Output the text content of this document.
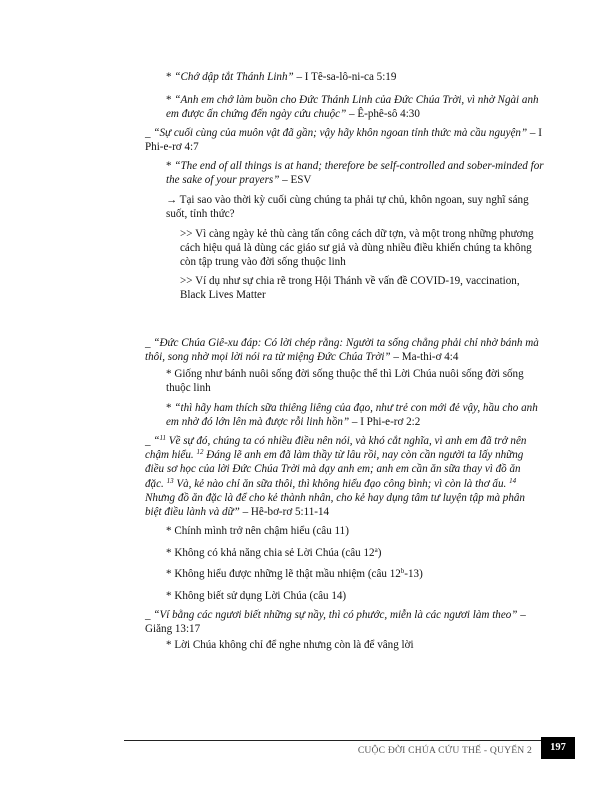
* “Chớ dập tắt Thánh Linh” – I Tê-sa-lô-ni-ca 5:19
* “Anh em chớ làm buồn cho Đức Thánh Linh của Đức Chúa Trời, vì nhờ Ngài anh em được ấn chứng đến ngày cứu chuộc” – Ê-phê-sô 4:30
_ “Sự cuối cùng của muôn vật đã gần; vậy hãy khôn ngoan tỉnh thức mà cầu nguyện” – I Phi-e-rơ 4:7
* “The end of all things is at hand; therefore be self-controlled and sober-minded for the sake of your prayers” – ESV
→ Tại sao vào thời kỳ cuối cùng chúng ta phải tự chủ, khôn ngoan, suy nghĩ sáng suốt, tỉnh thức?
>> Vì càng ngày kẻ thù càng tấn công cách dữ tợn, và một trong những phương cách hiệu quả là dùng các giáo sư giả và dùng nhiều điều khiến chúng ta không còn tập trung vào đời sống thuộc linh
>> Ví dụ như sự chia rẽ trong Hội Thánh về vấn đề COVID-19, vaccination, Black Lives Matter
_ “Đức Chúa Giê-xu đáp: Có lời chép rằng: Người ta sống chẳng phải chỉ nhờ bánh mà thôi, song nhờ mọi lời nói ra từ miệng Đức Chúa Trời” – Ma-thi-ơ 4:4
* Giống như bánh nuôi sống đời sống thuộc thể thì Lời Chúa nuôi sống đời sống thuộc linh
* “thì hãy ham thích sữa thiêng liêng của đạo, như trẻ con mới đẻ vậy, hầu cho anh em nhờ đó lớn lên mà được rỗi linh hồn” – I Phi-e-rơ 2:2
_ “$^{11}$ Về sự đó, chúng ta có nhiều điều nên nói, và khó cắt nghĩa, vì anh em đã trở nên chậm hiểu. $^{12}$ Đáng lẽ anh em đã làm thầy từ lâu rồi, nay còn cần người ta lấy những điều sơ học của lời Đức Chúa Trời mà dạy anh em; anh em cần ăn sữa thay vì đồ ăn đặc. $^{13}$ Và, kẻ nào chỉ ăn sữa thôi, thì không hiểu đạo công bình; vì còn là thơ ấu. $^{14}$ Nhưng đồ ăn đặc là để cho kẻ thành nhân, cho kẻ hay dụng tâm tư luyện tập mà phân biệt điều lành và dữ” – Hê-bơ-rơ 5:11-14
* Chính mình trở nên chậm hiểu (câu 11)
* Không có khả năng chia sẻ Lời Chúa (câu 12$^a$)
* Không hiểu được những lẽ thật mầu nhiệm (câu 12$^b$-13)
* Không biết sử dụng Lời Chúa (câu 14)
_ “Ví bằng các ngươi biết những sự nầy, thì có phước, miễn là các ngươi làm theo” – Giăng 13:17
* Lời Chúa không chỉ để nghe nhưng còn là để vâng lời
CUỘC ĐỜI CHÚA CỨU THẾ - QUYỂN 2	197
